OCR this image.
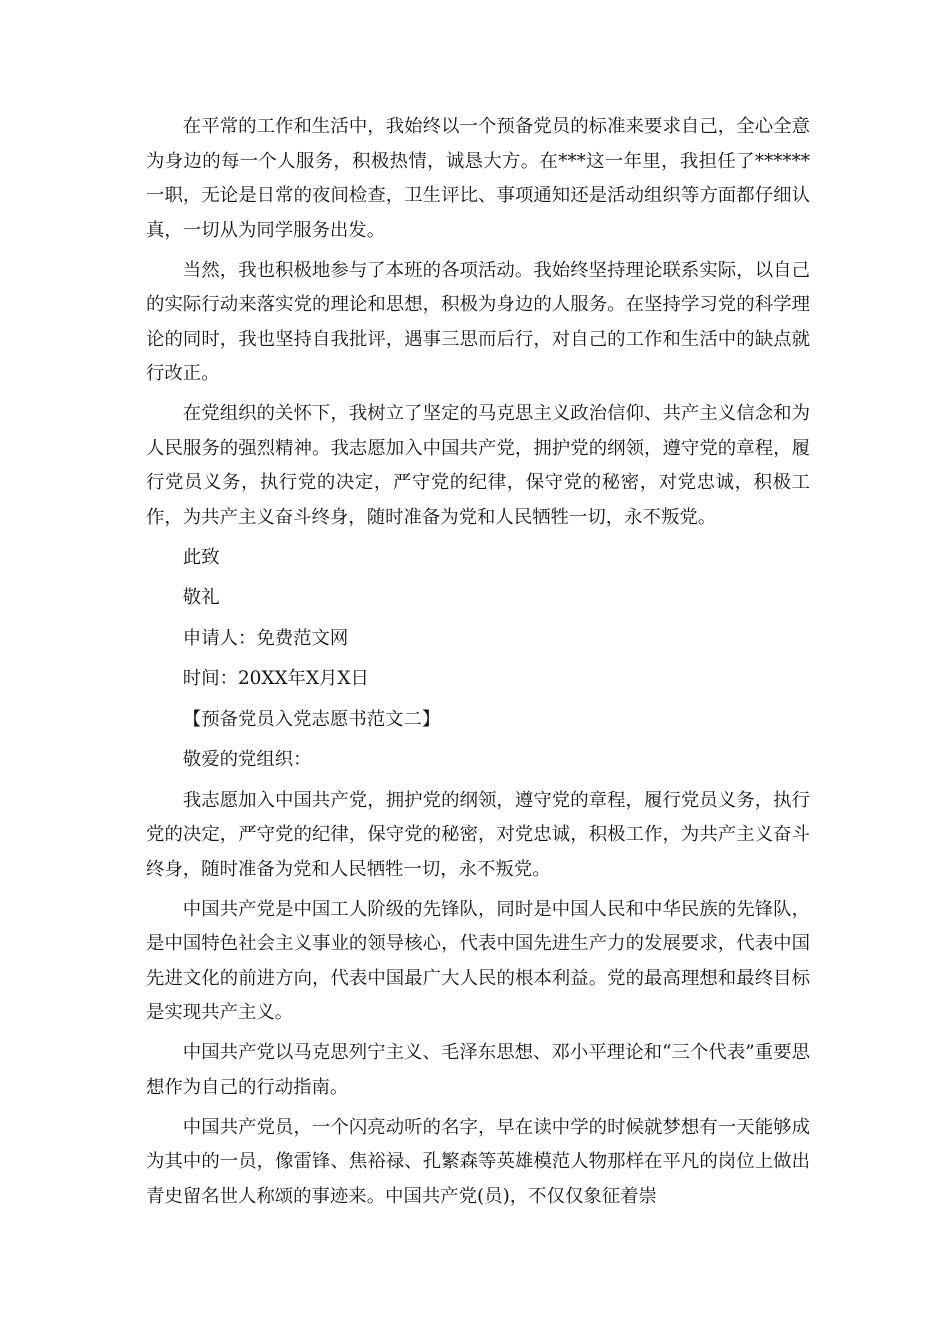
在平常的工作和生活中，我始终以一个预备党员的标准来要求自己，全心全意为身边的每一个人服务，积极热情，诚恳大方。在***这一年里，我担任了******一职，无论是日常的夜间检查，卫生评比、事项通知还是活动组织等方面都仔细认真，一切从为同学服务出发。

当然，我也积极地参与了本班的各项活动。我始终坚持理论联系实际，以自己的实际行动来落实党的理论和思想，积极为身边的人服务。在坚持学习党的科学理论的同时，我也坚持自我批评，遇事三思而后行，对自己的工作和生活中的缺点就行改正。

在党组织的关怀下，我树立了坚定的马克思主义政治信仰、共产主义信念和为人民服务的强烈精神。我志愿加入中国共产党，拥护党的纲领，遵守党的章程，履行党员义务，执行党的决定，严守党的纪律，保守党的秘密，对党忠诚，积极工作，为共产主义奋斗终身，随时准备为党和人民牺牲一切，永不叛党。

此致

敬礼

申请人：免费范文网

时间：20XX年X月X日

【预备党员入党志愿书范文二】

敬爱的党组织：

我志愿加入中国共产党，拥护党的纲领，遵守党的章程，履行党员义务，执行党的决定，严守党的纪律，保守党的秘密，对党忠诚，积极工作，为共产主义奋斗终身，随时准备为党和人民牺牲一切，永不叛党。

中国共产党是中国工人阶级的先锋队，同时是中国人民和中华民族的先锋队，是中国特色社会主义事业的领导核心，代表中国先进生产力的发展要求，代表中国先进文化的前进方向，代表中国最广大人民的根本利益。党的最高理想和最终目标是实现共产主义。

中国共产党以马克思列宁主义、毛泽东思想、邓小平理论和“三个代表”重要思想作为自己的行动指南。

中国共产党员，一个闪亮动听的名字，早在读中学的时候就梦想有一天能够成为其中的一员，像雷锋、焦裕禄、孔繁森等英雄模范人物那样在平凡的岗位上做出青史留名世人称颂的事迹来。中国共产党(员)，不仅仅象征着崇
